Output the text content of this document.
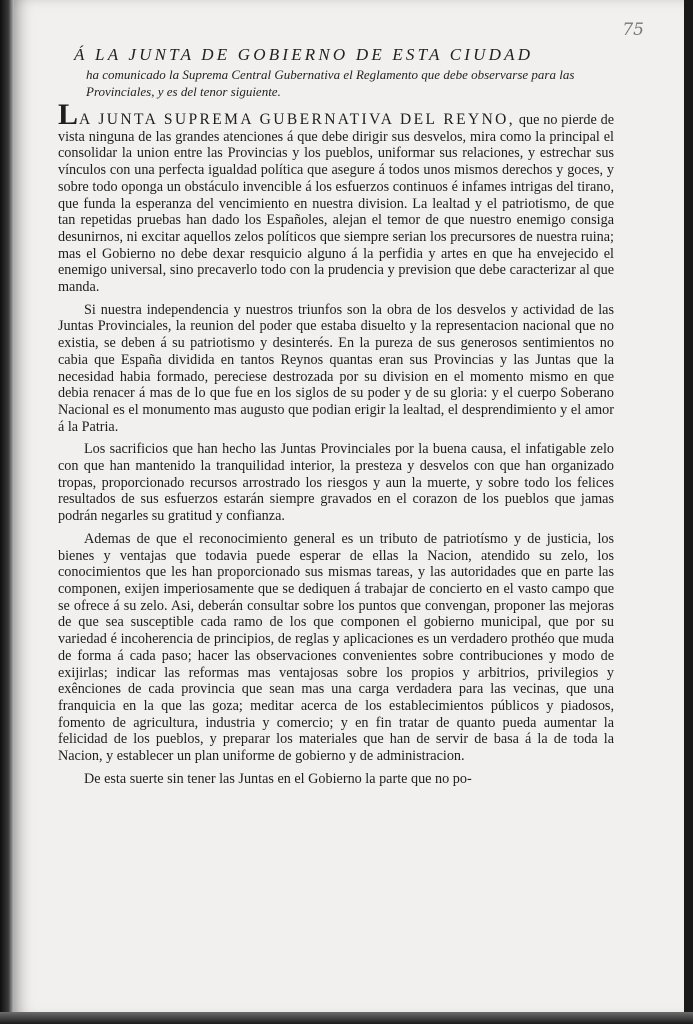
75
Á LA JUNTA DE GOBIERNO DE ESTA CIUDAD
ha comunicado la Suprema Central Gubernativa el Reglamento que debe observarse para las Provinciales, y es del tenor siguiente.

LA JUNTA SUPREMA GUBERNATIVA DEL REYNO, que no pierde de vista ninguna de las grandes atenciones á que debe dirigir sus desvelos, mira como la principal el consolidar la union entre las Provincias y los pueblos, uniformar sus relaciones, y estrechar sus vínculos con una perfecta igualdad política que asegure á todos unos mismos derechos y goces, y sobre todo oponga un obstáculo invencible á los esfuerzos continuos é infames intrigas del tirano, que funda la esperanza del vencimiento en nuestra division. La lealtad y el patriotismo, de que tan repetidas pruebas han dado los Españoles, alejan el temor de que nuestro enemigo consiga desunirnos, ni excitar aquellos zelos políticos que siempre serian los precursores de nuestra ruina; mas el Gobierno no debe dexar resquicio alguno á la perfidia y artes en que ha envejecido el enemigo universal, sino precaverlo todo con la prudencia y prevision que debe caracterizar al que manda.

Si nuestra independencia y nuestros triunfos son la obra de los desvelos y actividad de las Juntas Provinciales, la reunion del poder que estaba disuelto y la representacion nacional que no existia, se deben á su patriotismo y desinterés. En la pureza de sus generosos sentimientos no cabia que España dividida en tantos Reynos quantas eran sus Provincias y las Juntas que la necesidad habia formado, pereciese destrozada por su division en el momento mismo en que debia renacer á mas de lo que fue en los siglos de su poder y de su gloria: y el cuerpo Soberano Nacional es el monumento mas augusto que podian erigir la lealtad, el desprendimiento y el amor á la Patria.

Los sacrificios que han hecho las Juntas Provinciales por la buena causa, el infatigable zelo con que han mantenido la tranquilidad interior, la presteza y desvelos con que han organizado tropas, proporcionado recursos arrostrado los riesgos y aun la muerte, y sobre todo los felices resultados de sus esfuerzos estarán siempre gravados en el corazon de los pueblos que jamas podrán negarles su gratitud y confianza.

Ademas de que el reconocimiento general es un tributo de patriotísmo y de justicia, los bienes y ventajas que todavia puede esperar de ellas la Nacion, atendido su zelo, los conocimientos que les han proporcionado sus mismas tareas, y las autoridades que en parte las componen, exijen imperiosamente que se dediquen á trabajar de concierto en el vasto campo que se ofrece á su zelo. Asi, deberán consultar sobre los puntos que convengan, proponer las mejoras de que sea susceptible cada ramo de los que componen el gobierno municipal, que por su variedad é incoherencia de principios, de reglas y aplicaciones es un verdadero prothéo que muda de forma á cada paso; hacer las observaciones convenientes sobre contribuciones y modo de exijirlas; indicar las reformas mas ventajosas sobre los propios y arbitrios, privilegios y exênciones de cada provincia que sean mas una carga verdadera para las vecinas, que una franquicia en la que las goza; meditar acerca de los establecimientos públicos y piadosos, fomento de agricultura, industria y comercio; y en fin tratar de quanto pueda aumentar la felicidad de los pueblos, y preparar los materiales que han de servir de basa á la de toda la Nacion, y establecer un plan uniforme de gobierno y de administracion.

De esta suerte sin tener las Juntas en el Gobierno la parte que no po-
